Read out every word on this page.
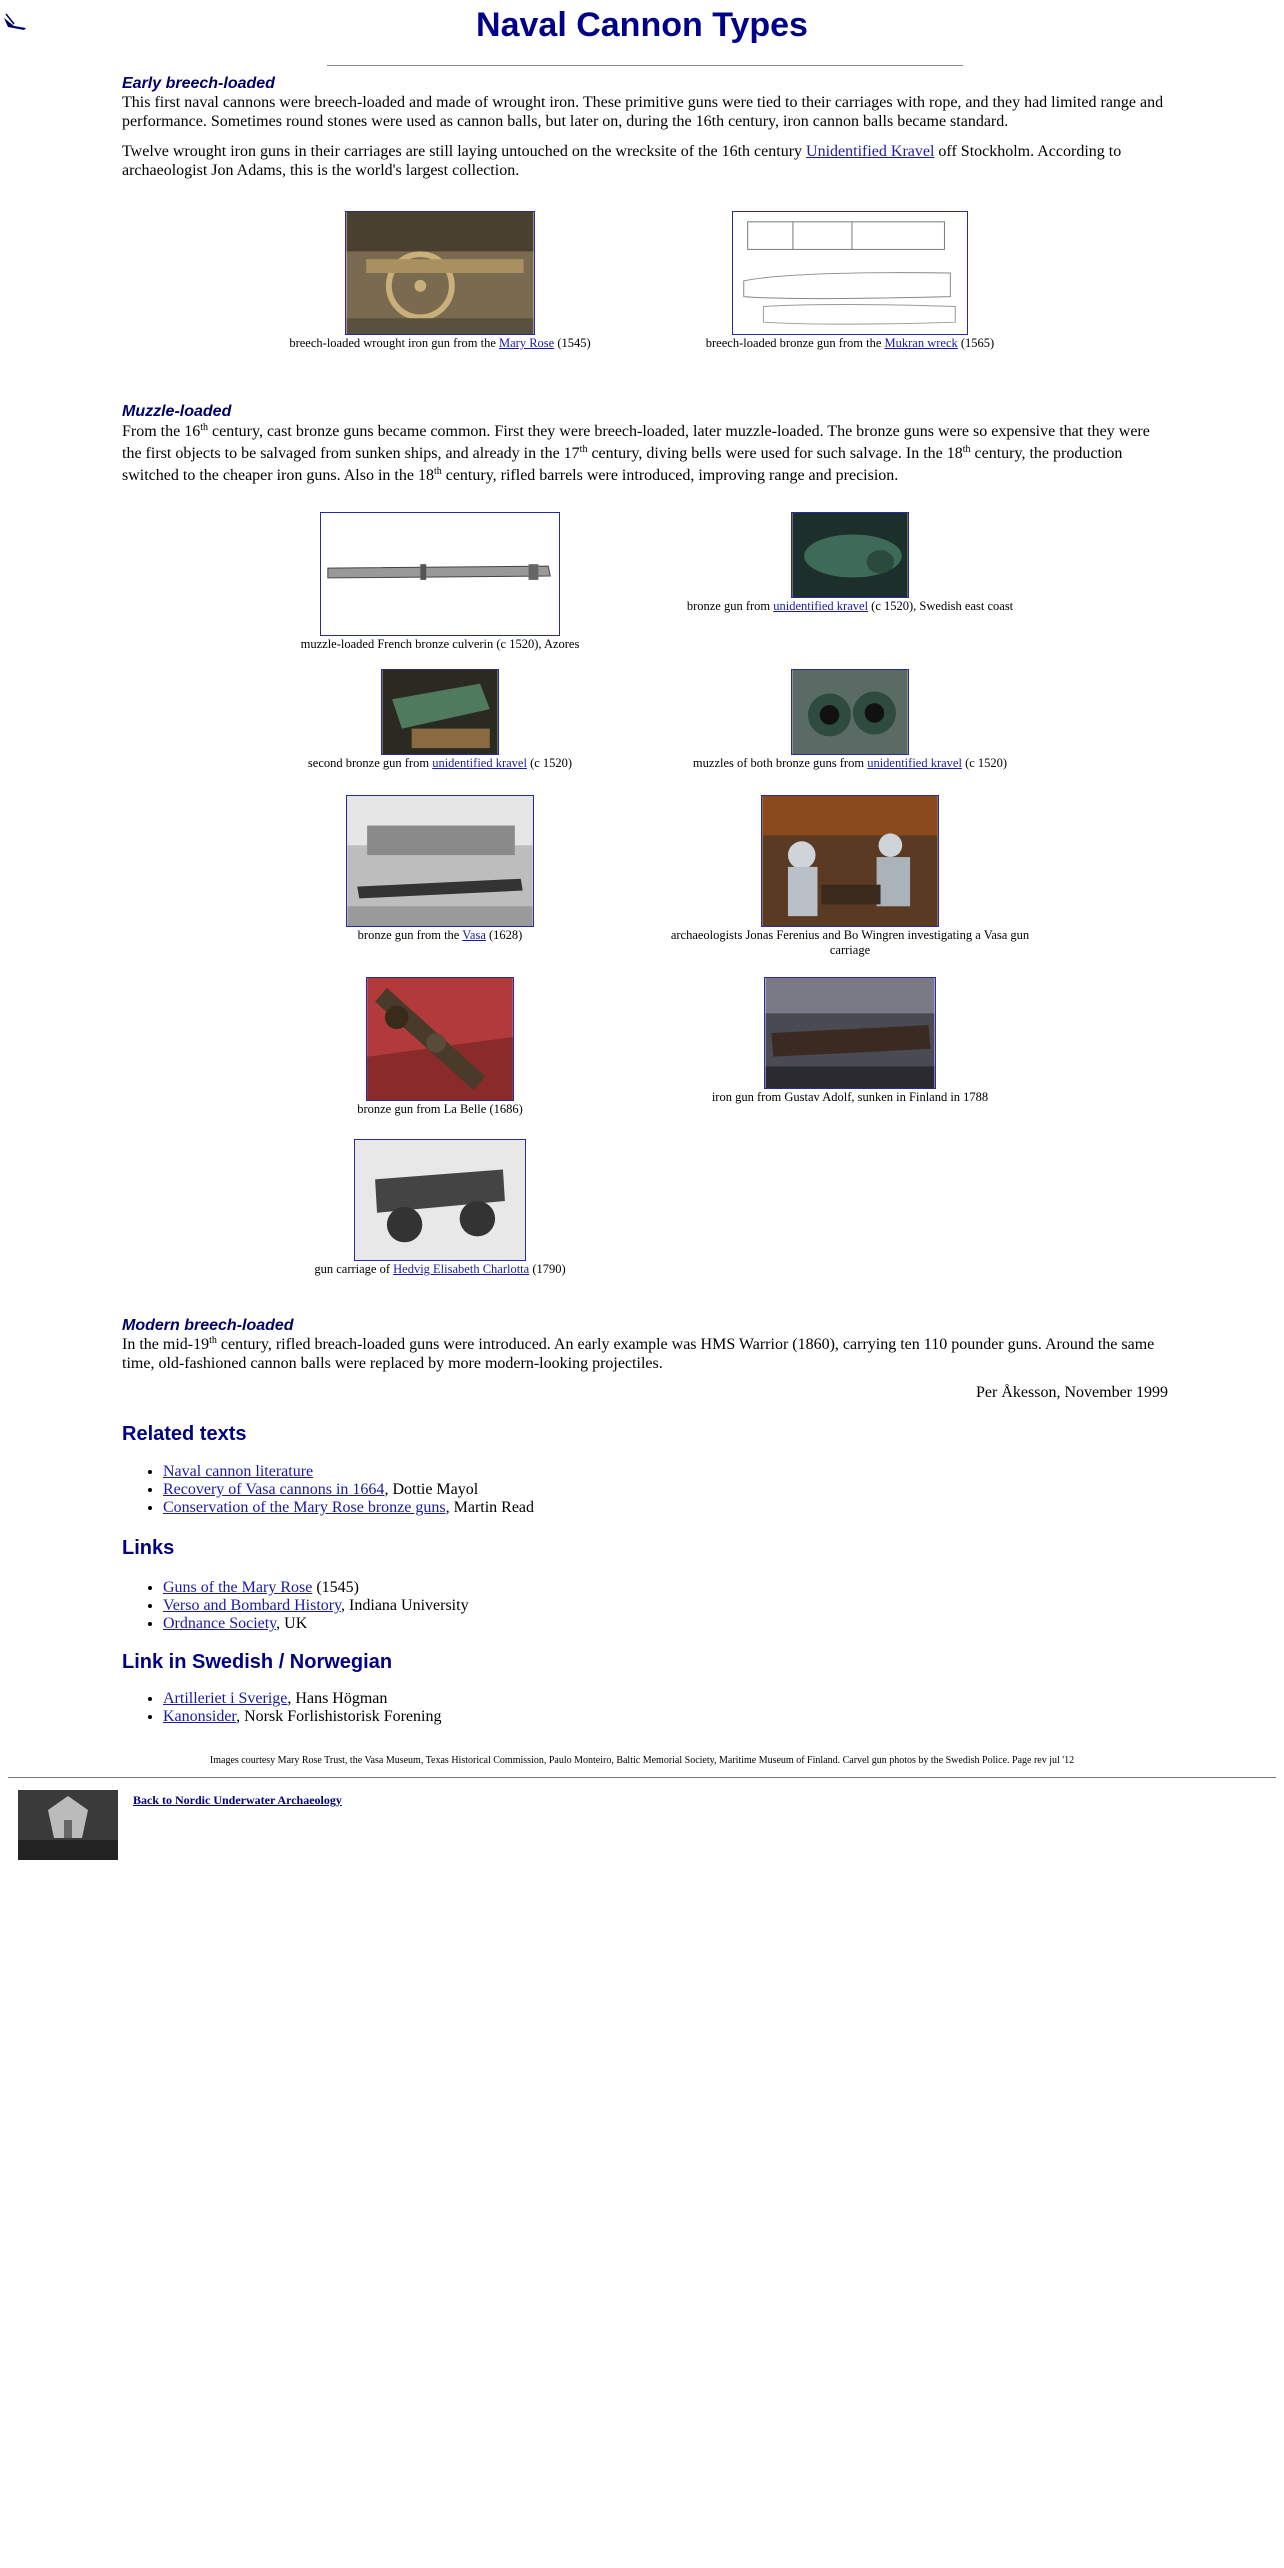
Naval Cannon Types
Early breech-loaded

This first naval cannons were breech-loaded and made of wrought iron. These primitive guns were tied to their carriages with rope, and they had limited range and performance. Sometimes round stones were used as cannon balls, but later on, during the 16th century, iron cannon balls became standard.

Twelve wrought iron guns in their carriages are still laying untouched on the wrecksite of the 16th century Unidentified Kravel off Stockholm. According to archaeologist Jon Adams, this is the world's largest collection.

breech-loaded wrought iron gun from the Mary Rose (1545)	breech-loaded bronze gun from the Mukran wreck (1565)
Muzzle-loaded

From the 16th century, cast bronze guns became common. First they were breech-loaded, later muzzle-loaded. The bronze guns were so expensive that they were the first objects to be salvaged from sunken ships, and already in the 17th century, diving bells were used for such salvage. In the 18th century, the production switched to the cheaper iron guns. Also in the 18th century, rifled barrels were introduced, improving range and precision.

muzzle-loaded French bronze culverin (c 1520), Azores
bronze gun from unidentified kravel (c 1520), Swedish east coast
second bronze gun from unidentified kravel (c 1520)	muzzles of both bronze guns from unidentified kravel (c 1520)
bronze gun from the Vasa (1628)	archaeologists Jonas Ferenius and Bo Wingren investigating a Vasa gun carriage
bronze gun from La Belle (1686)
iron gun from Gustav Adolf, sunken in Finland in 1788
gun carriage of Hedvig Elisabeth Charlotta (1790)
Modern breech-loaded

In the mid-19th century, rifled breach-loaded guns were introduced. An early example was HMS Warrior (1860), carrying ten 110 pounder guns. Around the same time, old-fashioned cannon balls were replaced by more modern-looking projectiles.

Per Åkesson, November 1999
Related texts
• Naval cannon literature
• Recovery of Vasa cannons in 1664, Dottie Mayol
• Conservation of the Mary Rose bronze guns, Martin Read
Links
• Guns of the Mary Rose (1545)
• Verso and Bombard History, Indiana University
• Ordnance Society, UK
Link in Swedish / Norwegian
• Artilleriet i Sverige, Hans Högman
• Kanonsider, Norsk Forlishistorisk Forening
Images courtesy Mary Rose Trust, the Vasa Museum, Texas Historical Commission, Paulo Monteiro, Baltic Memorial Society, Maritime Museum of Finland. Carvel gun photos by the Swedish Police. Page rev jul '12
Back to Nordic Underwater Archaeology
